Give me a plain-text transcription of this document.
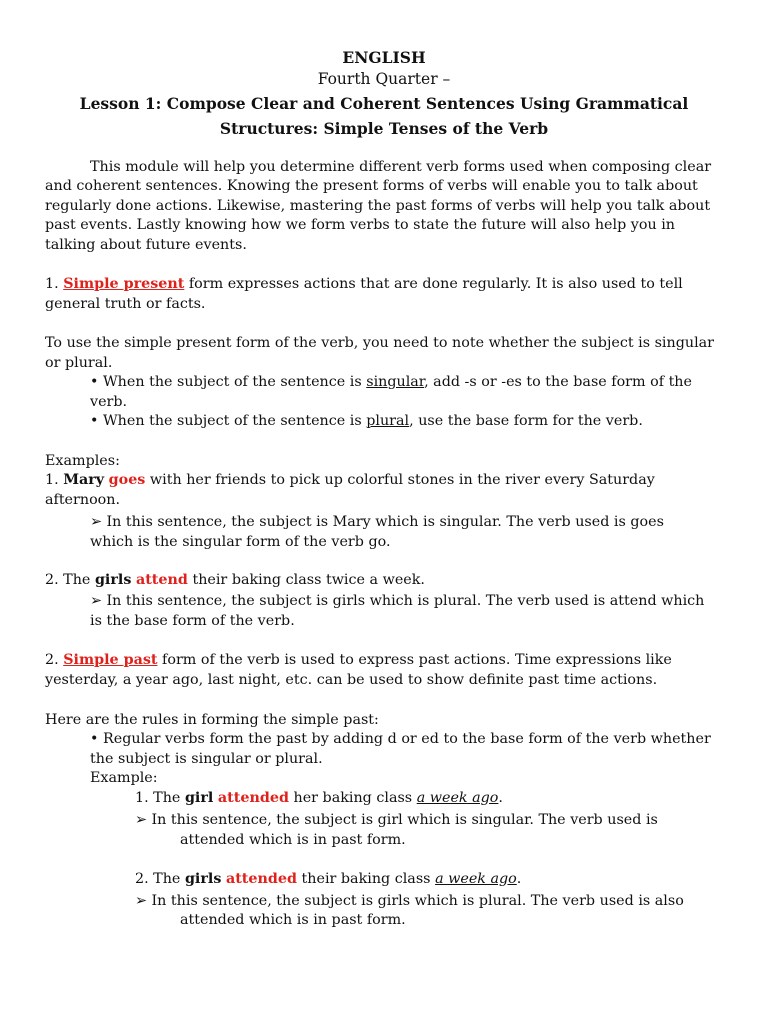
ENGLISH
Fourth Quarter –
Lesson 1: Compose Clear and Coherent Sentences Using Grammatical
Structures: Simple Tenses of the Verb
This module will help you determine different verb forms used when composing clear
and coherent sentences. Knowing the present forms of verbs will enable you to talk about
regularly done actions. Likewise, mastering the past forms of verbs will help you talk about
past events. Lastly knowing how we form verbs to state the future will also help you in
talking about future events.
1. Simple present form expresses actions that are done regularly. It is also used to tell
general truth or facts.
To use the simple present form of the verb, you need to note whether the subject is singular
or plural.
• When the subject of the sentence is singular, add -s or -es to the base form of the
verb.
• When the subject of the sentence is plural, use the base form for the verb.
Examples:
1. Mary goes with her friends to pick up colorful stones in the river every Saturday
afternoon.
➢ In this sentence, the subject is Mary which is singular. The verb used is goes
which is the singular form of the verb go.
2. The girls attend their baking class twice a week.
➢ In this sentence, the subject is girls which is plural. The verb used is attend which
is the base form of the verb.
2. Simple past form of the verb is used to express past actions. Time expressions like
yesterday, a year ago, last night, etc. can be used to show definite past time actions.
Here are the rules in forming the simple past:
• Regular verbs form the past by adding d or ed to the base form of the verb whether
the subject is singular or plural.
Example:
1. The girl attended her baking class a week ago.
➢ In this sentence, the subject is girl which is singular. The verb used is
attended which is in past form.
2. The girls attended their baking class a week ago.
➢ In this sentence, the subject is girls which is plural. The verb used is also
attended which is in past form.
